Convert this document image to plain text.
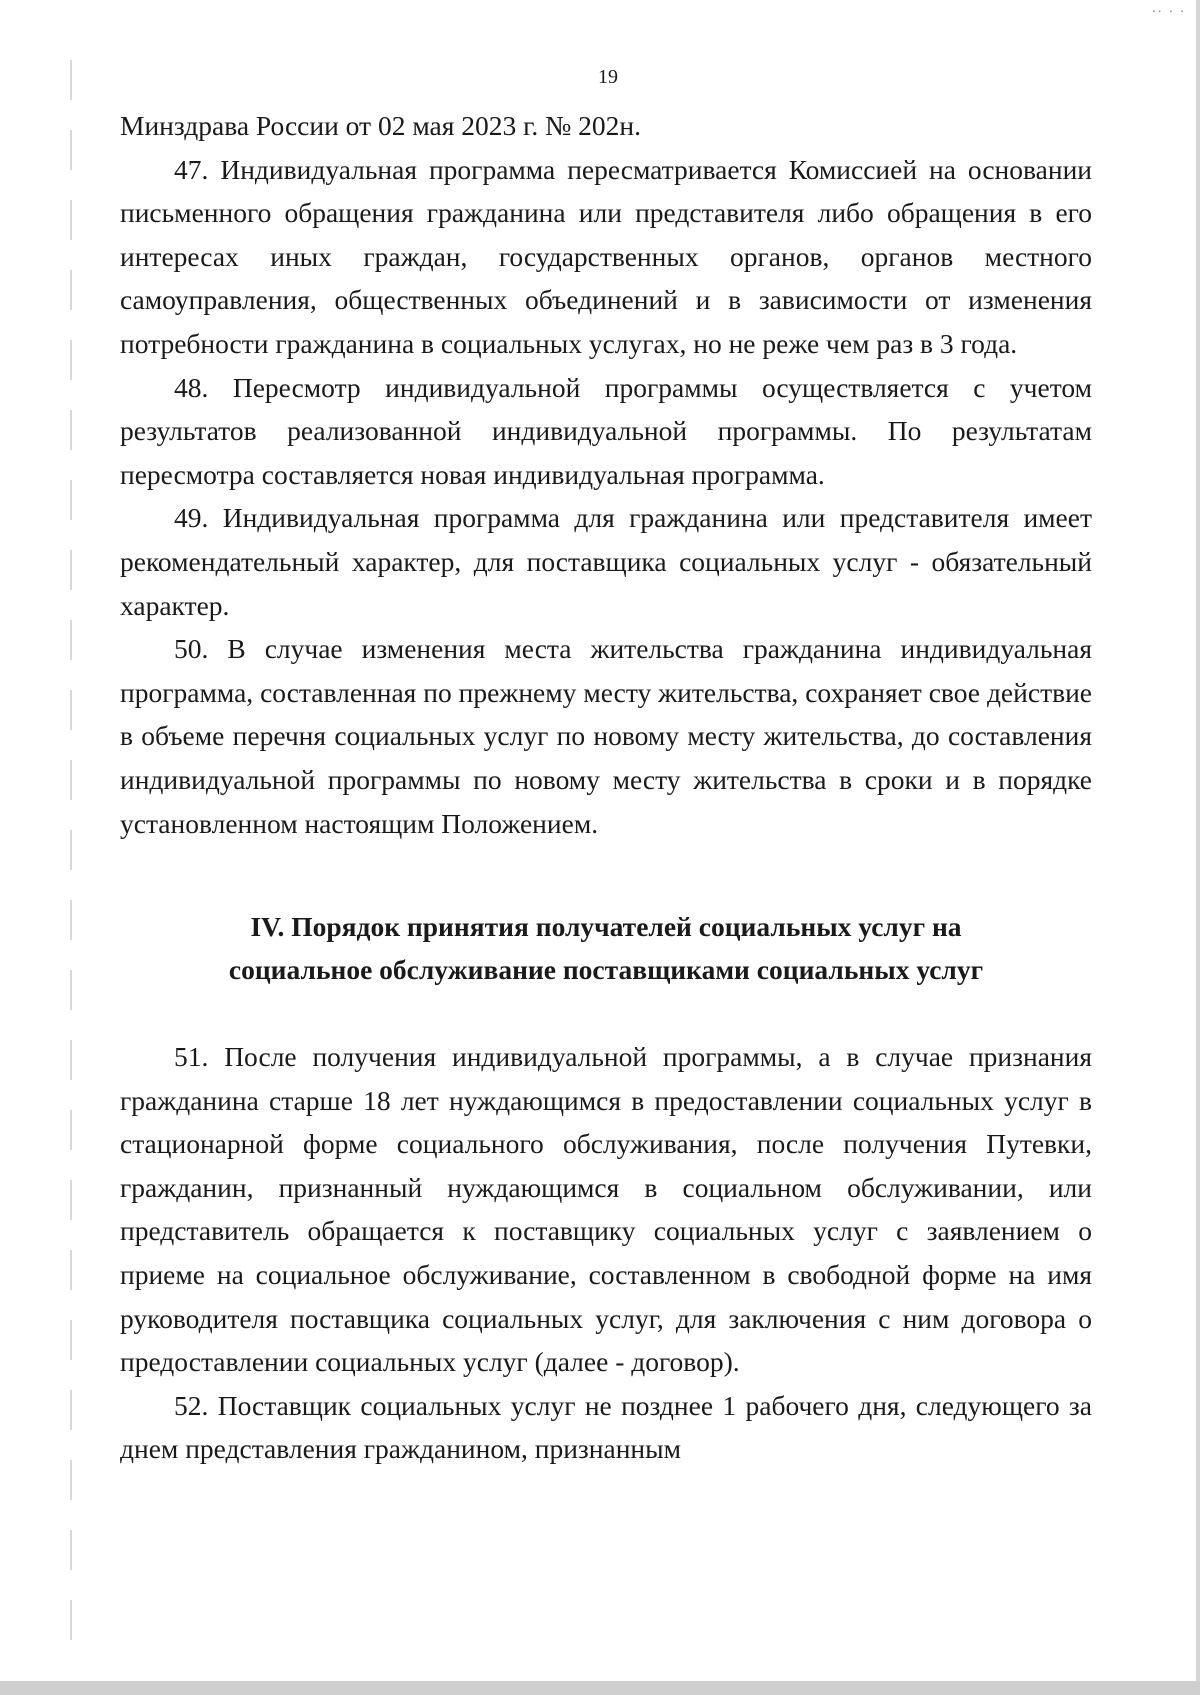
⸱⸱ ⸱ ⸱
19

Минздрава России от 02 мая 2023 г. № 202н.

47. Индивидуальная программа пересматривается Комиссией на основании письменного обращения гражданина или представителя либо обращения в его интересах иных граждан, государственных органов, органов местного самоуправления, общественных объединений и в зависимости от изменения потребности гражданина в социальных услугах, но не реже чем раз в 3 года.

48. Пересмотр индивидуальной программы осуществляется с учетом результатов реализованной индивидуальной программы. По результатам пересмотра составляется новая индивидуальная программа.

49. Индивидуальная программа для гражданина или представителя имеет рекомендательный характер, для поставщика социальных услуг - обязательный характер.

50. В случае изменения места жительства гражданина индивидуальная программа, составленная по прежнему месту жительства, сохраняет свое действие в объеме перечня социальных услуг по новому месту жительства, до составления индивидуальной программы по новому месту жительства в сроки и в порядке установленном настоящим Положением.

IV. Порядок принятия получателей социальных услуг на
социальное обслуживание поставщиками социальных услуг

51. После получения индивидуальной программы, а в случае признания гражданина старше 18 лет нуждающимся в предоставлении социальных услуг в стационарной форме социального обслуживания, после получения Путевки, гражданин, признанный нуждающимся в социальном обслуживании, или представитель обращается к поставщику социальных услуг с заявлением о приеме на социальное обслуживание, составленном в свободной форме на имя руководителя поставщика социальных услуг, для заключения с ним договора о предоставлении социальных услуг (далее - договор).

52. Поставщик социальных услуг не позднее 1 рабочего дня, следующего за днем представления гражданином, признанным
